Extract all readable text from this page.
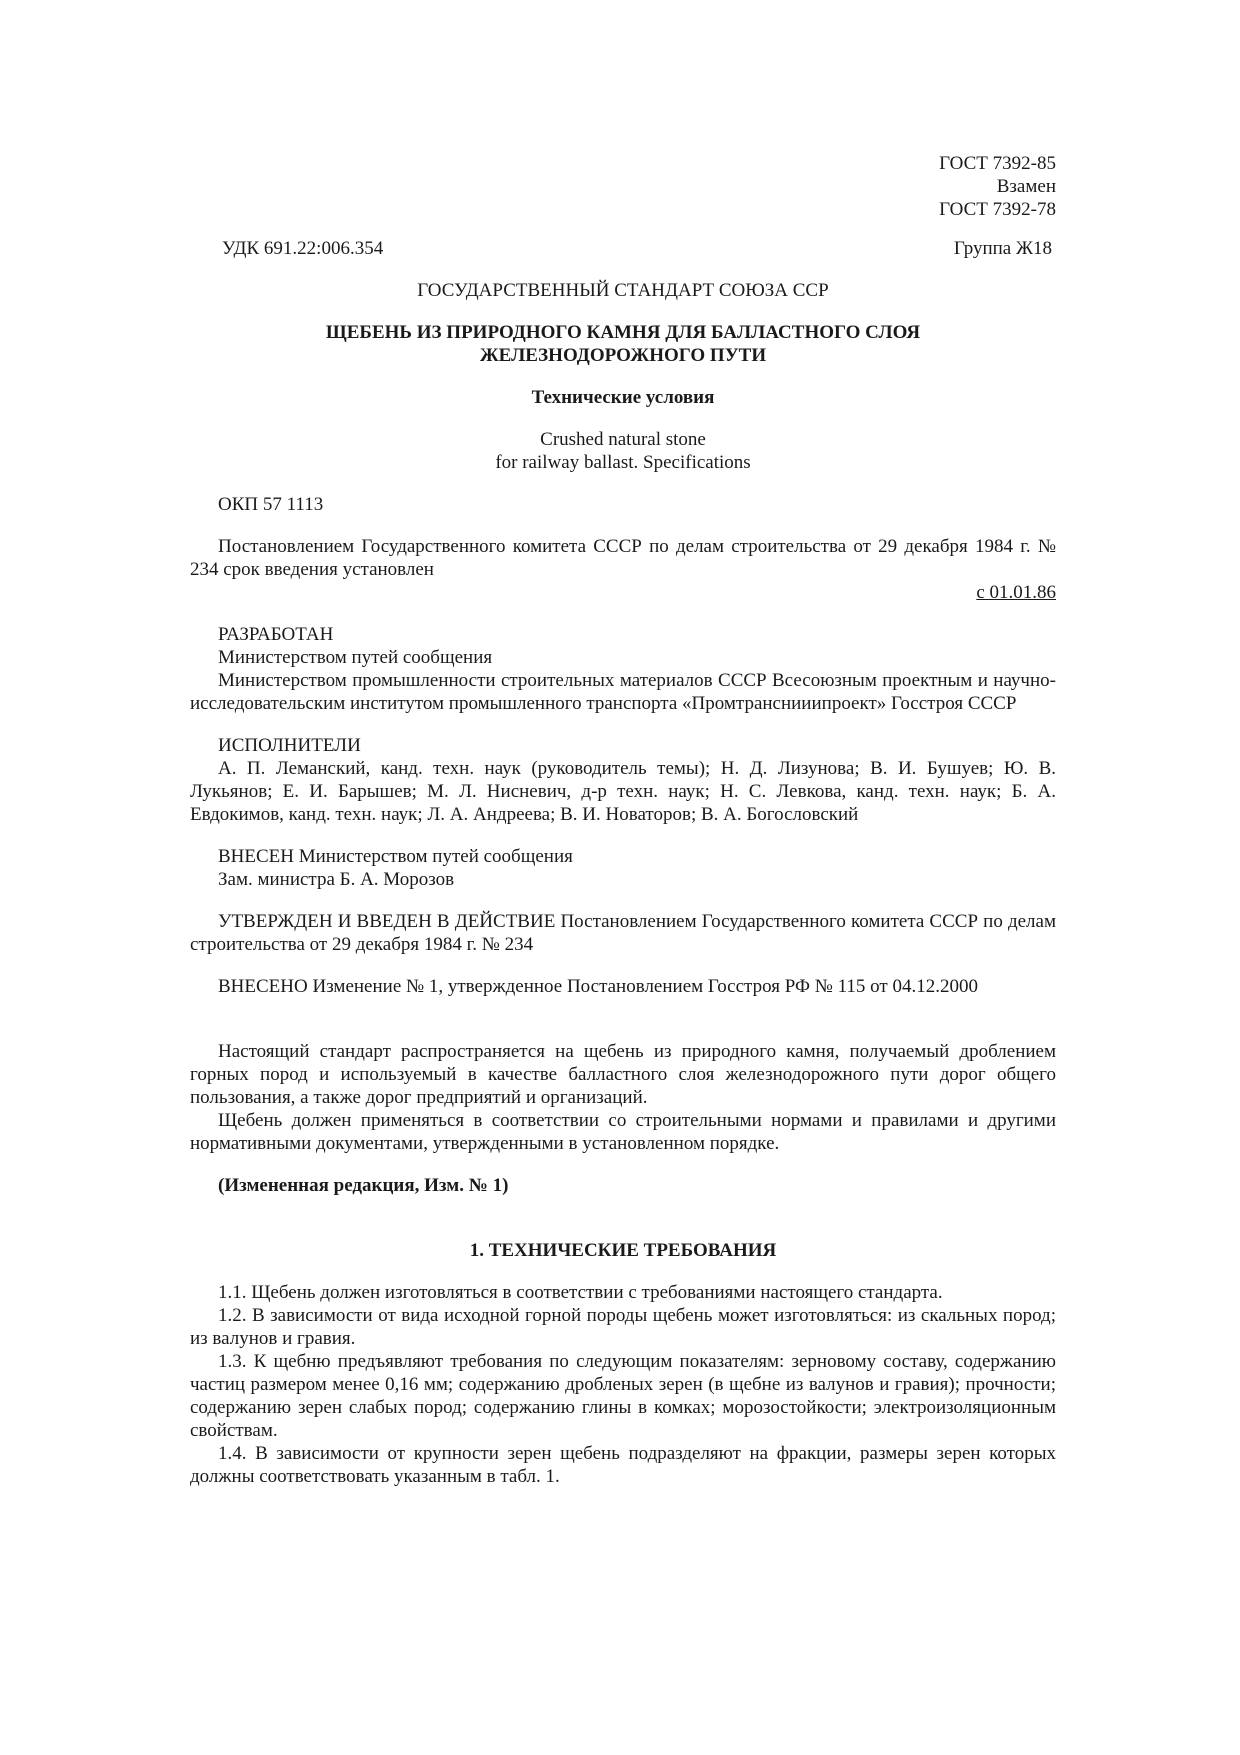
ГОСТ 7392-85

Взамен

ГОСТ 7392-78

УДК 691.22:006.354	Группа Ж18

ГОСУДАРСТВЕННЫЙ СТАНДАРТ СОЮЗА ССР

ЩЕБЕНЬ ИЗ ПРИРОДНОГО КАМНЯ ДЛЯ БАЛЛАСТНОГО СЛОЯ

ЖЕЛЕЗНОДОРОЖНОГО ПУТИ

Технические условия

Crushed natural stone

for railway ballast. Specifications

ОКП 57 1113

Постановлением Государственного комитета СССР по делам строительства от 29 декабря 1984 г. № 234 срок введения установлен

с 01.01.86

РАЗРАБОТАН

Министерством путей сообщения

Министерством промышленности строительных материалов СССР Всесоюзным проектным и научно-исследовательским институтом промышленного транспорта «Промтранснииипроект» Госстроя СССР

ИСПОЛНИТЕЛИ

А. П. Леманский, канд. техн. наук (руководитель темы); Н. Д. Лизунова; В. И. Бушуев; Ю. В. Лукьянов; Е. И. Барышев; М. Л. Нисневич, д-р техн. наук; Н. С. Левкова, канд. техн. наук; Б. А. Евдокимов, канд. техн. наук; Л. А. Андреева; В. И. Новаторов; В. А. Богословский

ВНЕСЕН Министерством путей сообщения

Зам. министра Б. А. Морозов

УТВЕРЖДЕН И ВВЕДЕН В ДЕЙСТВИЕ Постановлением Государственного комитета СССР по делам строительства от 29 декабря 1984 г. № 234

ВНЕСЕНО Изменение № 1, утвержденное Постановлением Госстроя РФ № 115 от 04.12.2000

Настоящий стандарт распространяется на щебень из природного камня, получаемый дроблением горных пород и используемый в качестве балластного слоя железнодорожного пути дорог общего пользования, а также дорог предприятий и организаций.

Щебень должен применяться в соответствии со строительными нормами и правилами и другими нормативными документами, утвержденными в установленном порядке.

(Измененная редакция, Изм. № 1)

1. ТЕХНИЧЕСКИЕ ТРЕБОВАНИЯ

1.1. Щебень должен изготовляться в соответствии с требованиями настоящего стандарта.

1.2. В зависимости от вида исходной горной породы щебень может изготовляться: из скальных пород; из валунов и гравия.

1.3. К щебню предъявляют требования по следующим показателям: зерновому составу, содержанию частиц размером менее 0,16 мм; содержанию дробленых зерен (в щебне из валунов и гравия); прочности; содержанию зерен слабых пород; содержанию глины в комках; морозостойкости; электроизоляционным свойствам.

1.4. В зависимости от крупности зерен щебень подразделяют на фракции, размеры зерен которых должны соответствовать указанным в табл. 1.
